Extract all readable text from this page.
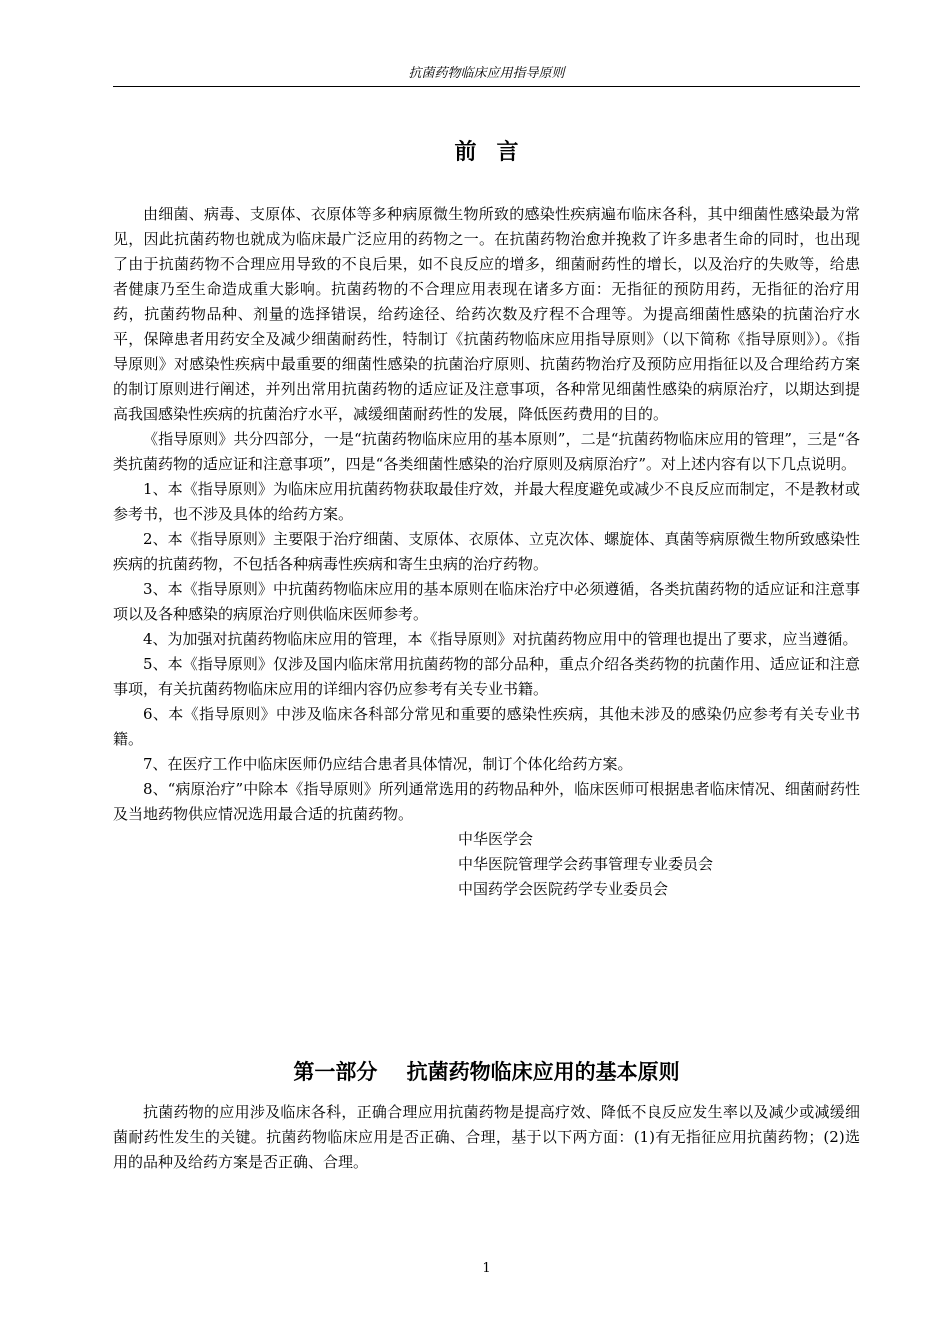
抗菌药物临床应用指导原则
前言

由细菌、病毒、支原体、衣原体等多种病原微生物所致的感染性疾病遍布临床各科，其中细菌性感染最为常见，因此抗菌药物也就成为临床最广泛应用的药物之一。在抗菌药物治愈并挽救了许多患者生命的同时，也出现了由于抗菌药物不合理应用导致的不良后果，如不良反应的增多，细菌耐药性的增长，以及治疗的失败等，给患者健康乃至生命造成重大影响。抗菌药物的不合理应用表现在诸多方面：无指征的预防用药，无指征的治疗用药，抗菌药物品种、剂量的选择错误，给药途径、给药次数及疗程不合理等。为提高细菌性感染的抗菌治疗水平，保障患者用药安全及减少细菌耐药性，特制订《抗菌药物临床应用指导原则》（以下简称《指导原则》）。《指导原则》对感染性疾病中最重要的细菌性感染的抗菌治疗原则、抗菌药物治疗及预防应用指征以及合理给药方案的制订原则进行阐述，并列出常用抗菌药物的适应证及注意事项，各种常见细菌性感染的病原治疗，以期达到提高我国感染性疾病的抗菌治疗水平，减缓细菌耐药性的发展，降低医药费用的目的。

《指导原则》共分四部分，一是“抗菌药物临床应用的基本原则”，二是“抗菌药物临床应用的管理”，三是“各类抗菌药物的适应证和注意事项”，四是“各类细菌性感染的治疗原则及病原治疗”。对上述内容有以下几点说明。

1、本《指导原则》为临床应用抗菌药物获取最佳疗效，并最大程度避免或减少不良反应而制定，不是教材或参考书，也不涉及具体的给药方案。

2、本《指导原则》主要限于治疗细菌、支原体、衣原体、立克次体、螺旋体、真菌等病原微生物所致感染性疾病的抗菌药物，不包括各种病毒性疾病和寄生虫病的治疗药物。

3、本《指导原则》中抗菌药物临床应用的基本原则在临床治疗中必须遵循，各类抗菌药物的适应证和注意事项以及各种感染的病原治疗则供临床医师参考。

4、为加强对抗菌药物临床应用的管理，本《指导原则》对抗菌药物应用中的管理也提出了要求，应当遵循。

5、本《指导原则》仅涉及国内临床常用抗菌药物的部分品种，重点介绍各类药物的抗菌作用、适应证和注意事项，有关抗菌药物临床应用的详细内容仍应参考有关专业书籍。

6、本《指导原则》中涉及临床各科部分常见和重要的感染性疾病，其他未涉及的感染仍应参考有关专业书籍。

7、在医疗工作中临床医师仍应结合患者具体情况，制订个体化给药方案。

8、“病原治疗”中除本《指导原则》所列通常选用的药物品种外，临床医师可根据患者临床情况、细菌耐药性及当地药物供应情况选用最合适的抗菌药物。

中华医学会

中华医院管理学会药事管理专业委员会

中国药学会医院药学专业委员会

第一部分    抗菌药物临床应用的基本原则

抗菌药物的应用涉及临床各科，正确合理应用抗菌药物是提高疗效、降低不良反应发生率以及减少或减缓细菌耐药性发生的关键。抗菌药物临床应用是否正确、合理，基于以下两方面：(1)有无指征应用抗菌药物；(2)选用的品种及给药方案是否正确、合理。

1
